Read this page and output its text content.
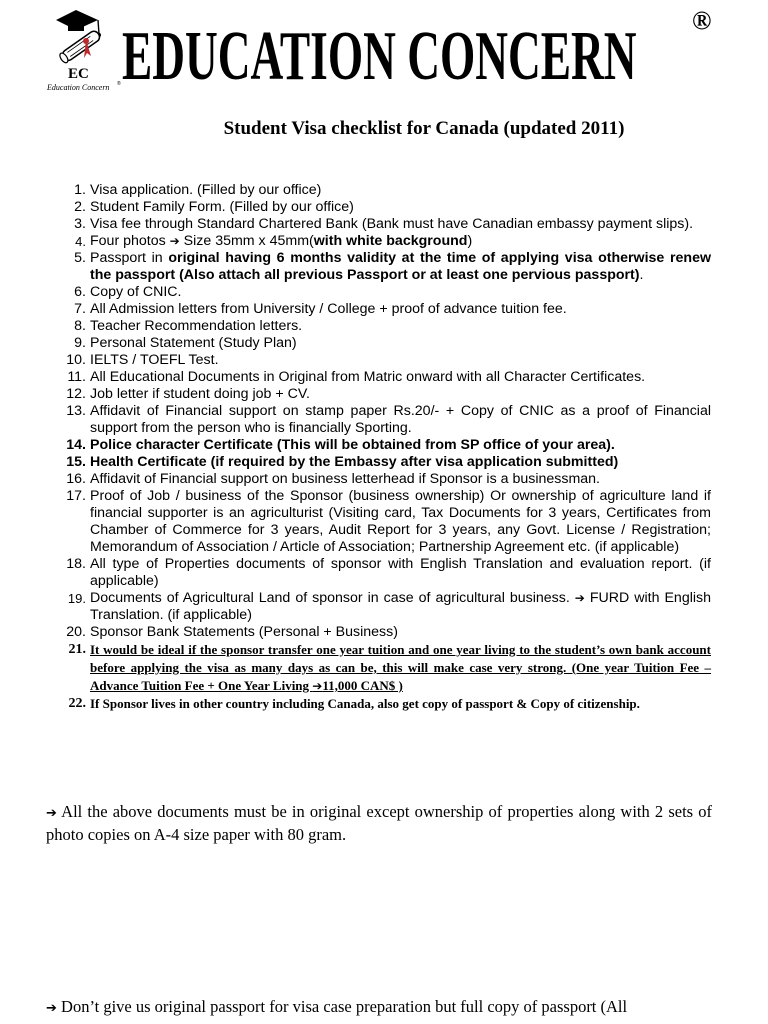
EC
Education Concern ® EDUCATION CONCERN ®
Student Visa checklist for Canada (updated 2011)
1. Visa application. (Filled by our office)
2. Student Family Form. (Filled by our office)
3. Visa fee through Standard Chartered Bank (Bank must have Canadian embassy payment slips).
4. Four photos ➔ Size 35mm x 45mm(with white background)
5. Passport in original having 6 months validity at the time of applying visa otherwise renew the passport (Also attach all previous Passport or at least one pervious passport).
6. Copy of CNIC.
7. All Admission letters from University / College + proof of advance tuition fee.
8. Teacher Recommendation letters.
9. Personal Statement (Study Plan)
10. IELTS / TOEFL Test.
11. All Educational Documents in Original from Matric onward with all Character Certificates.
12. Job letter if student doing job + CV.
13. Affidavit of Financial support on stamp paper Rs.20/- + Copy of CNIC as a proof of Financial support from the person who is financially Sporting.
14. Police character Certificate (This will be obtained from SP office of your area).
15. Health Certificate (if required by the Embassy after visa application submitted)
16. Affidavit of Financial support on business letterhead if Sponsor is a businessman.
17. Proof of Job / business of the Sponsor (business ownership) Or ownership of agriculture land if financial supporter is an agriculturist (Visiting card, Tax Documents for 3 years, Certificates from Chamber of Commerce for 3 years, Audit Report for 3 years, any Govt. License / Registration; Memorandum of Association / Article of Association; Partnership Agreement etc. (if applicable)
18. All type of Properties documents of sponsor with English Translation and evaluation report. (if applicable)
19. Documents of Agricultural Land of sponsor in case of agricultural business. ➔ FURD with English Translation. (if applicable)
20. Sponsor Bank Statements (Personal + Business)
21. It would be ideal if the sponsor transfer one year tuition and one year living to the student’s own bank account before applying the visa as many days as can be, this will make case very strong. (One year Tuition Fee – Advance Tuition Fee + One Year Living ➔11,000 CAN$ )
22. If Sponsor lives in other country including Canada, also get copy of passport & Copy of citizenship.

➔ All the above documents must be in original except ownership of properties along with 2 sets of photo copies on A-4 size paper with 80 gram.

➔ Don’t give us original passport for visa case preparation but full copy of passport (All
